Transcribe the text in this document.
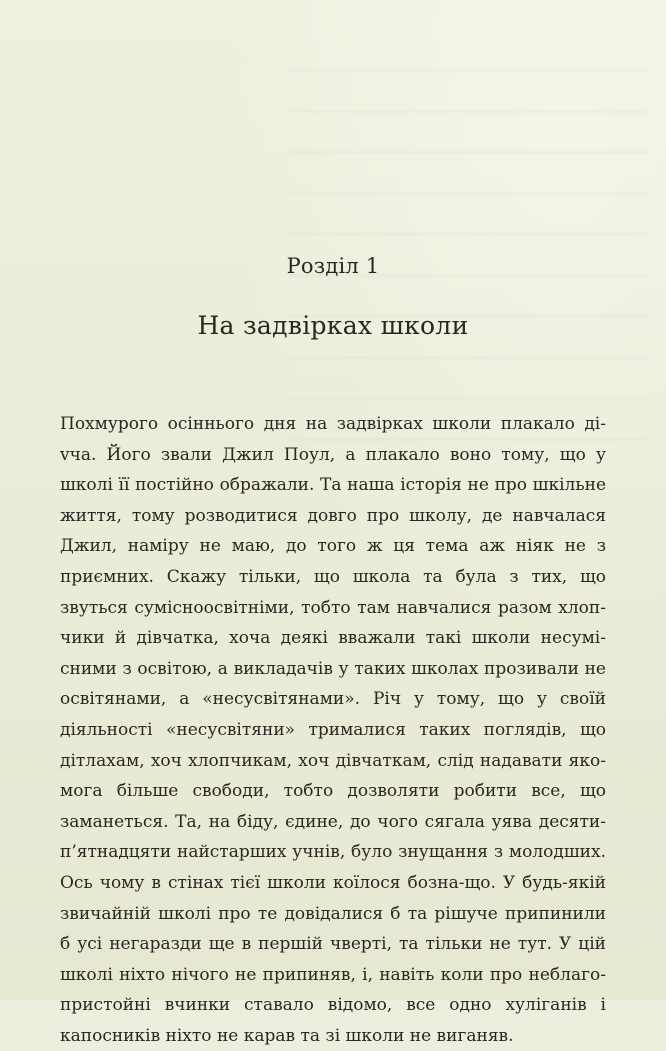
Розділ 1
На задвірках школи

Похмурого осіннього дня на задвірках школи плакало діvча. Його звали Джил Поул, а плакало воно тому, що у школі її постійно ображали. Та наша історія не про шкільне життя, тому розводитися довго про школу, де навчалася Джил, наміру не маю, до того ж ця тема аж ніяк не з приємних. Скажу тільки, що школа та була з тих, що звуться сумісноосвітніми, тобто там навчалися разом хлопчики й дівчатка, хоча деякі вважали такі школи несумісними з освітою, а викладачів у таких школах прозивали не освітянами, а «несусвітянами». Річ у тому, що у своїй діяльності «несусвітяни» трималися таких поглядів, що дітлахам, хоч хлопчикам, хоч дівчаткам, слід надавати якомога більше свободи, тобто дозволяти робити все, що заманеться. Та, на біду, єдине, до чого сягала уява десяти-п’ятнадцяти найстарших учнів, було знущання з молодших. Ось чому в стінах тієї школи коїлося бозна-що. У будь-якій звичайній школі про те довідалися б та рішуче припинили б усі негаразди ще в першій чверті, та тільки не тут. У цій школі ніхто нічого не припиняв, і, навіть коли про неблагопристойні вчинки ставало відомо, все одно хуліганів і капосників ніхто не карав та зі школи не виганяв.
